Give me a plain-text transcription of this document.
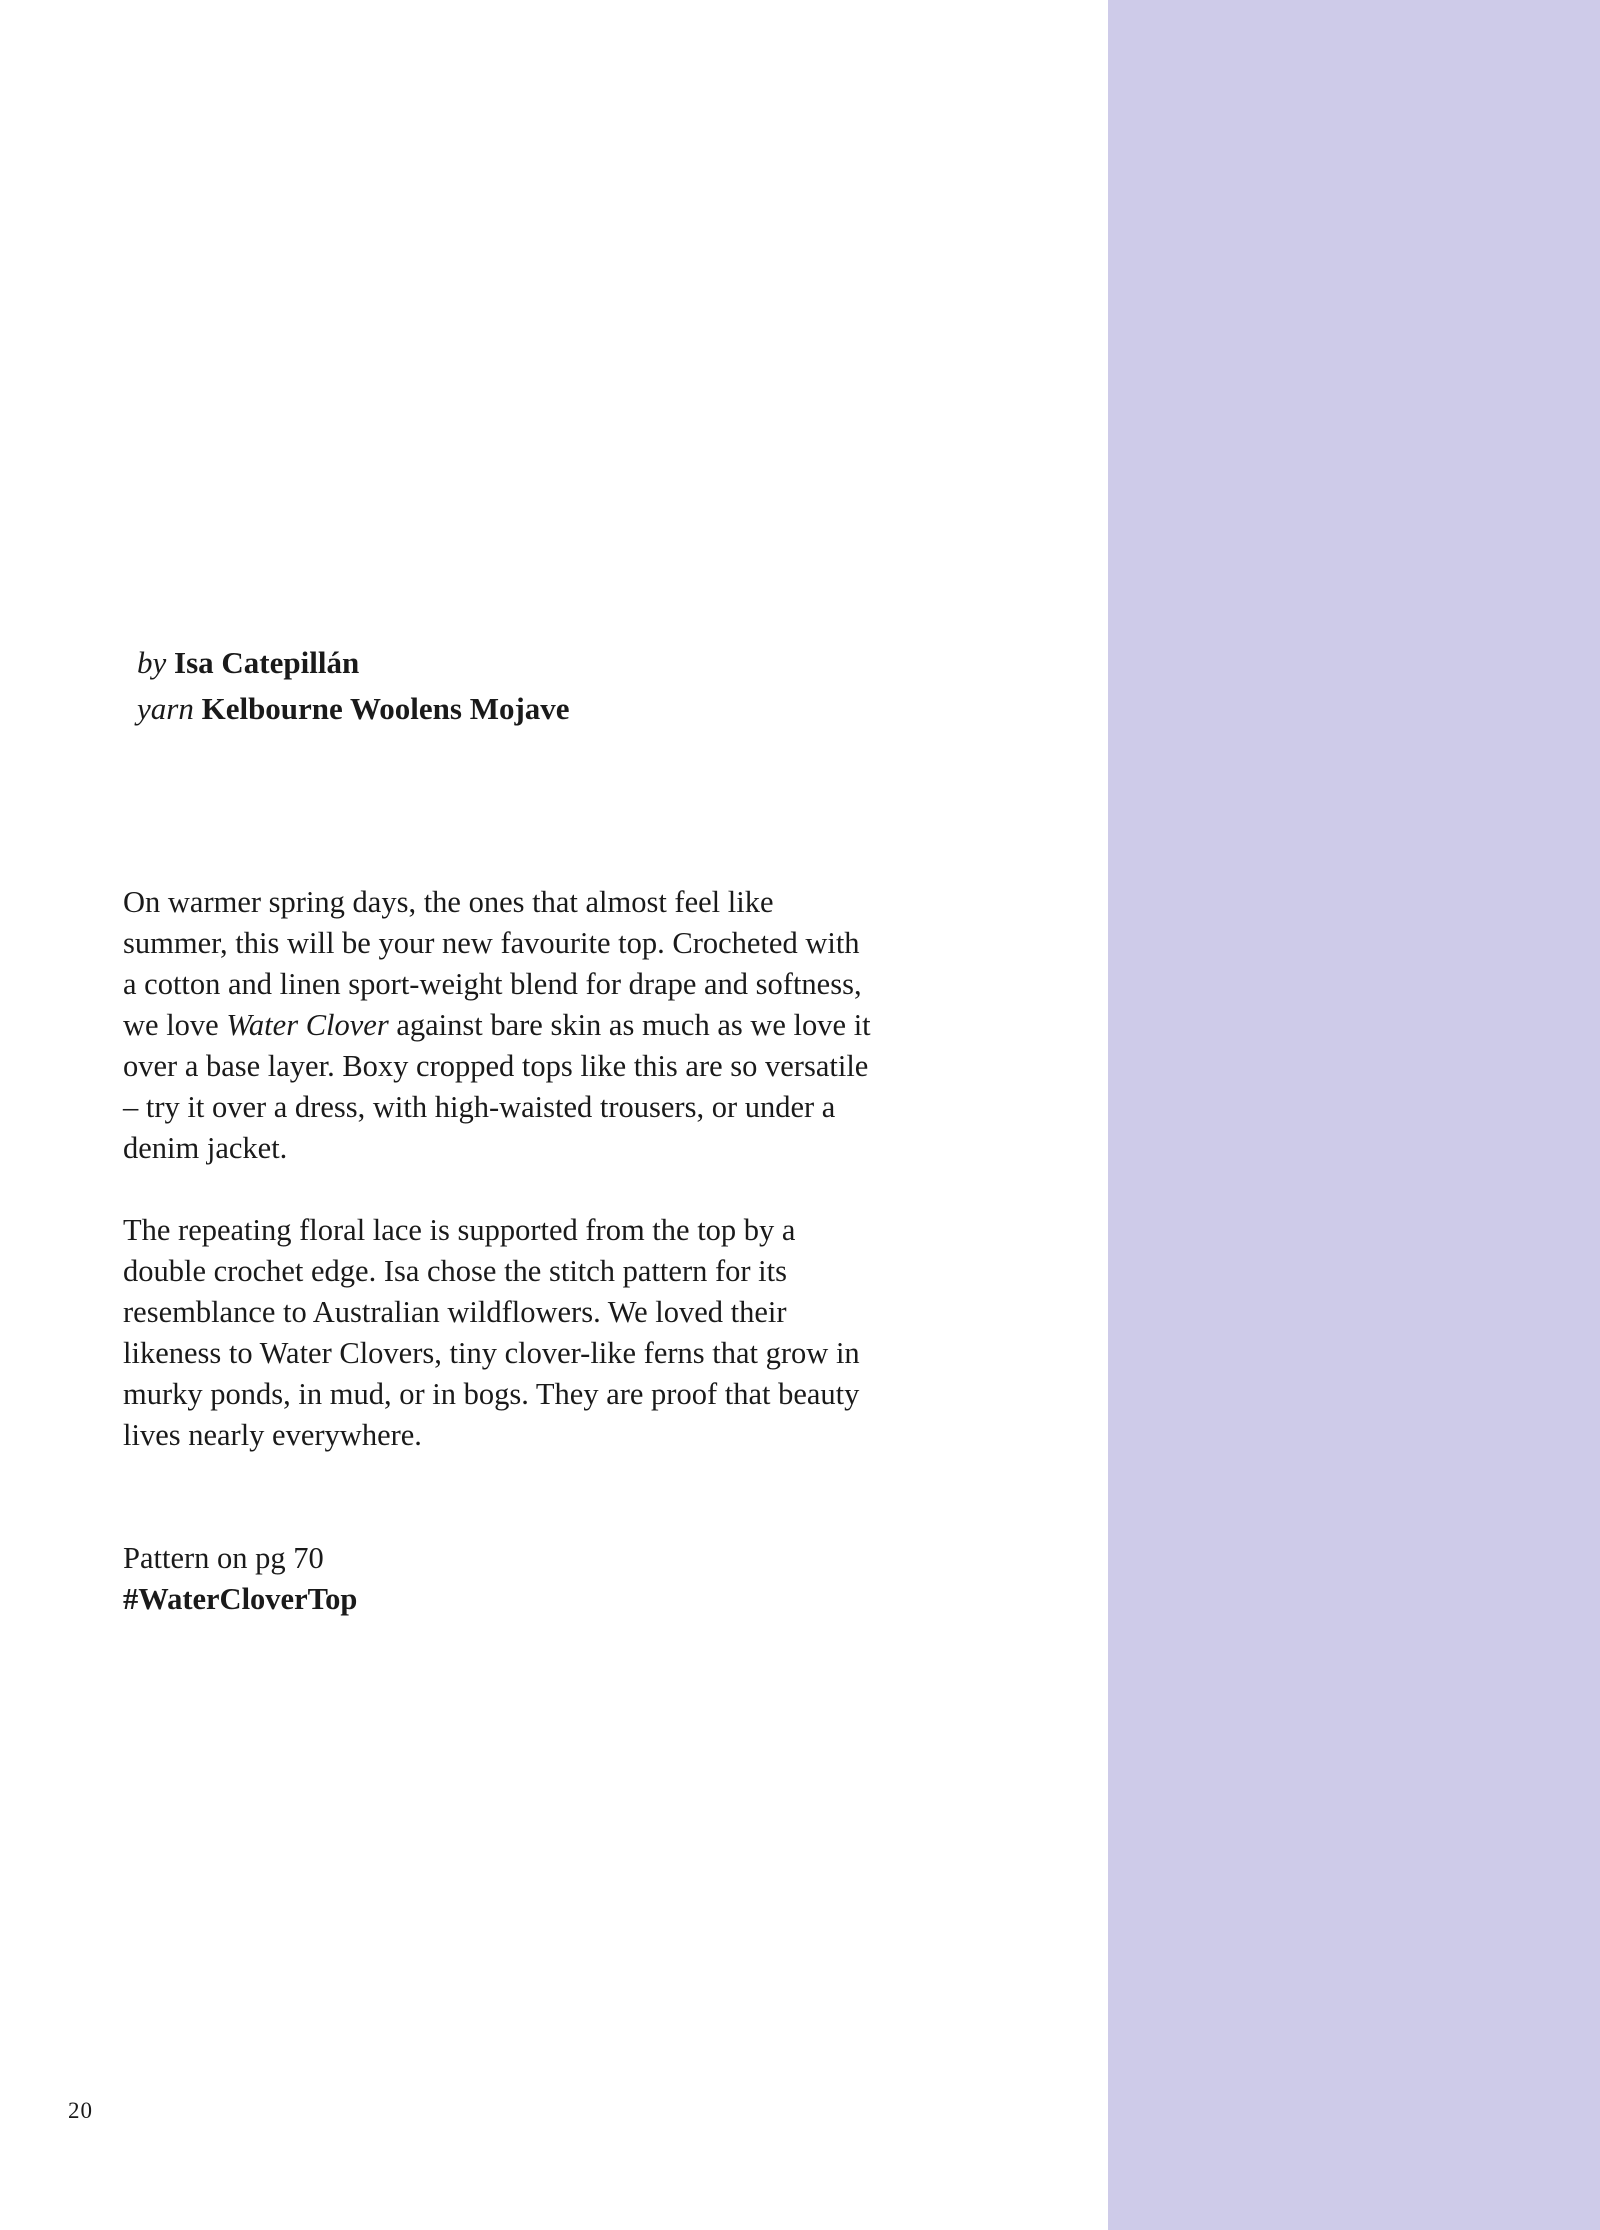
by Isa Catepillán
yarn Kelbourne Woolens Mojave

On warmer spring days, the ones that almost feel like summer, this will be your new favourite top. Crocheted with a cotton and linen sport-weight blend for drape and softness, we love Water Clover against bare skin as much as we love it over a base layer. Boxy cropped tops like this are so versatile – try it over a dress, with high-waisted trousers, or under a denim jacket.

The repeating floral lace is supported from the top by a double crochet edge. Isa chose the stitch pattern for its resemblance to Australian wildflowers. We loved their likeness to Water Clovers, tiny clover-like ferns that grow in murky ponds, in mud, or in bogs. They are proof that beauty lives nearly everywhere.

Pattern on pg 70
#WaterCloverTop
20
